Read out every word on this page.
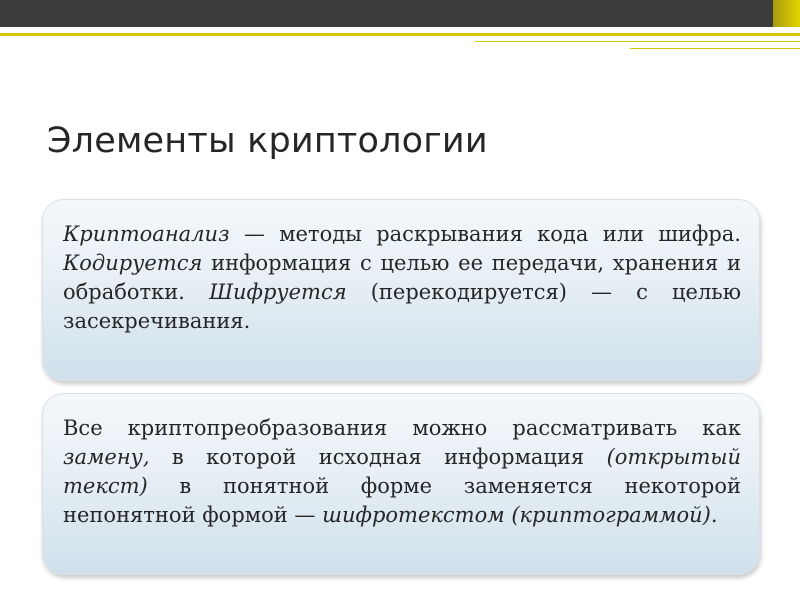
Элементы криптологии

Криптоанализ — методы раскрывания кода или шифра. Кодируется информация с целью ее передачи, хранения и обработки. Шифруется (перекодируется) — с целью засекречивания.

Все криптопреобразования можно рассматривать как замену, в которой исходная информация (открытый текст) в понятной форме заменяется некоторой непонятной формой — шифротекстом (криптограммой).
